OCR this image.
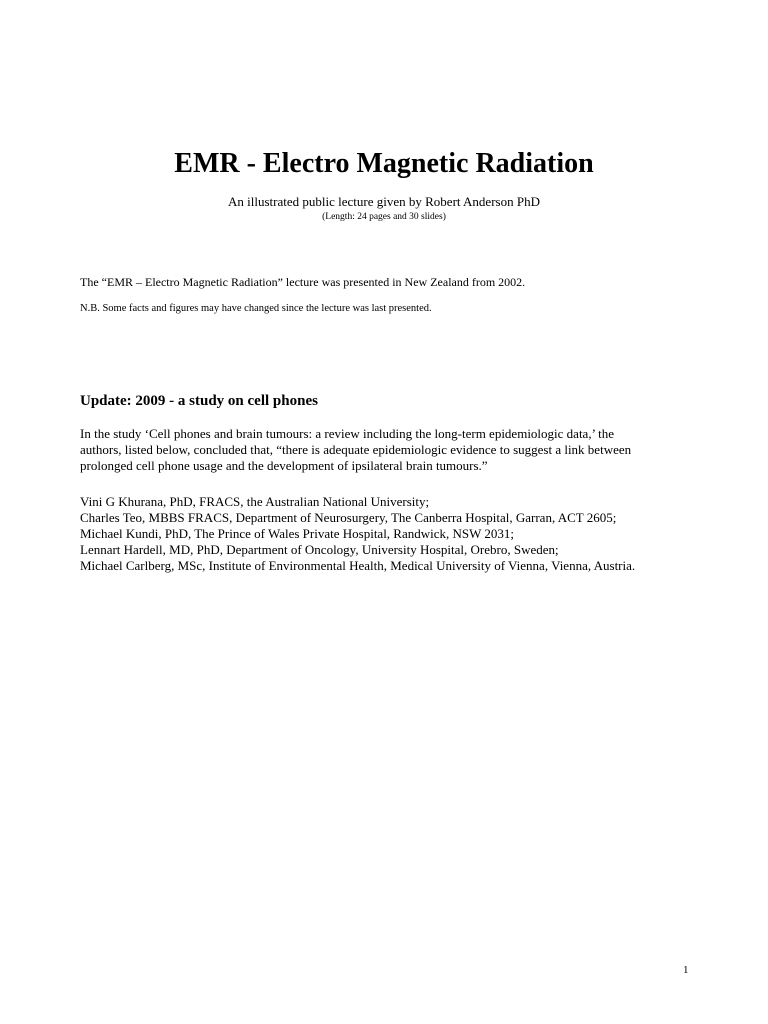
EMR - Electro Magnetic Radiation
An illustrated public lecture given by Robert Anderson PhD
(Length: 24 pages and 30 slides)
The “EMR – Electro Magnetic Radiation” lecture was presented in New Zealand from 2002.
N.B. Some facts and figures may have changed since the lecture was last presented.
Update: 2009 - a study on cell phones
In the study ‘Cell phones and brain tumours: a review including the long-term epidemiologic data,’ the
authors, listed below, concluded that, “there is adequate epidemiologic evidence to suggest a link between
prolonged cell phone usage and the development of ipsilateral brain tumours.”
Vini G Khurana, PhD, FRACS, the Australian National University;
Charles Teo, MBBS FRACS, Department of Neurosurgery, The Canberra Hospital, Garran, ACT 2605;
Michael Kundi, PhD, The Prince of Wales Private Hospital, Randwick, NSW 2031;
Lennart Hardell, MD, PhD, Department of Oncology, University Hospital, Orebro, Sweden;
Michael Carlberg, MSc, Institute of Environmental Health, Medical University of Vienna, Vienna, Austria.
1
